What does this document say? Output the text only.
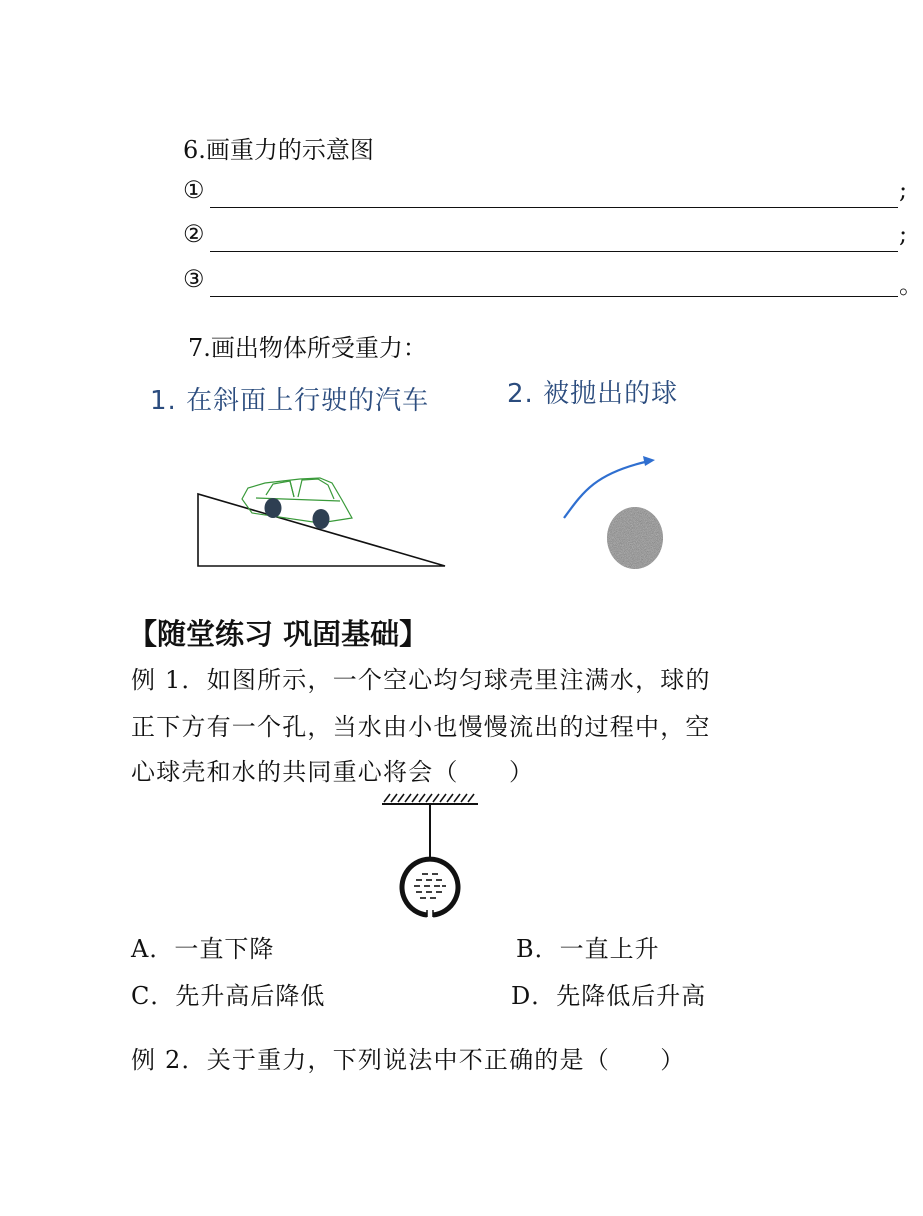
6.画重力的示意图
①	;
②	;
③	。
7.画出物体所受重力：
1. 在斜面上行驶的汽车	2. 被抛出的球
【随堂练习 巩固基础】
例 1．如图所示，一个空心均匀球壳里注满水，球的
正下方有一个孔，当水由小也慢慢流出的过程中，空
心球壳和水的共同重心将会（　　）
A．一直下降	B．一直上升
C．先升高后降低	D．先降低后升高
例 2．关于重力，下列说法中不正确的是（　　）
